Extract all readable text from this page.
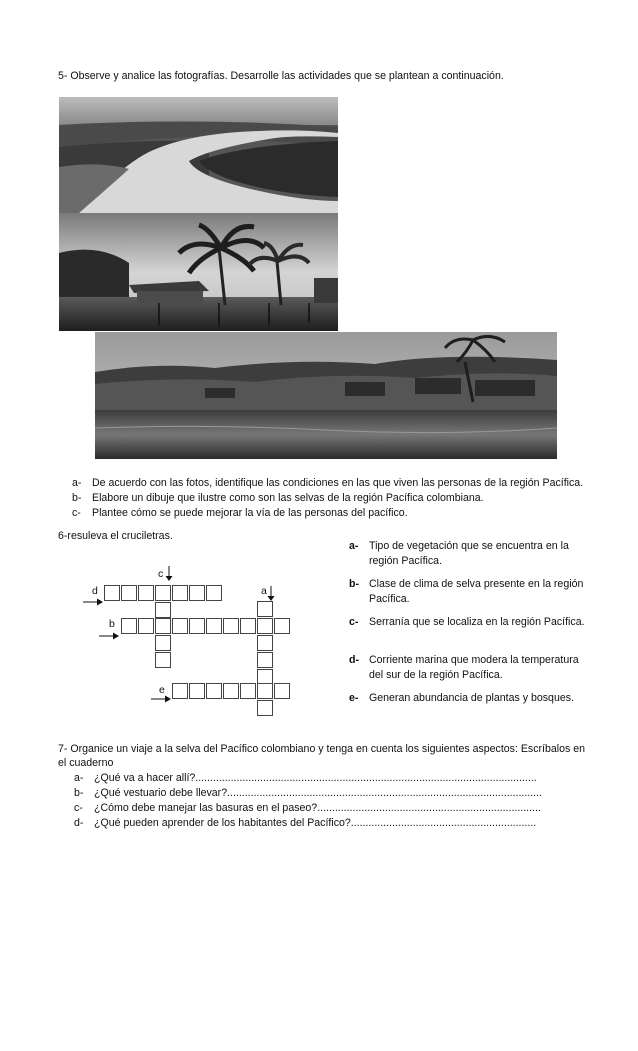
5- Observe y analice las fotografías. Desarrolle las actividades que se plantean a continuación.
a- De acuerdo con las fotos, identifique las condiciones en las que viven las personas de la región Pacífica.
b- Elabore un dibuje que ilustre como son las selvas de la región Pacífica colombiana.
c- Plantee cómo se puede mejorar la vía de las personas del pacífico.
6-resuleva el cruciletras.
c
d	a
b
e
a- Tipo de vegetación que se encuentra en la región Pacífica.
b- Clase de clima de selva presente en la región Pacífica.
c- Serranía que se localiza en la región Pacífica.
d- Corriente marina que modera la temperatura del sur de la región Pacífica.
e- Generan abundancia de plantas y bosques.
7- Organice un viaje a la selva del Pacífico colombiano y tenga en cuenta los siguientes aspectos: Escríbalos en
el cuaderno
a- ¿Qué va a hacer allí?....................................................................................................................
b- ¿Qué vestuario debe llevar?...........................................................................................................
c- ¿Cómo debe manejar las basuras en el paseo?............................................................................
d- ¿Qué pueden aprender de los habitantes del Pacífico?...............................................................
